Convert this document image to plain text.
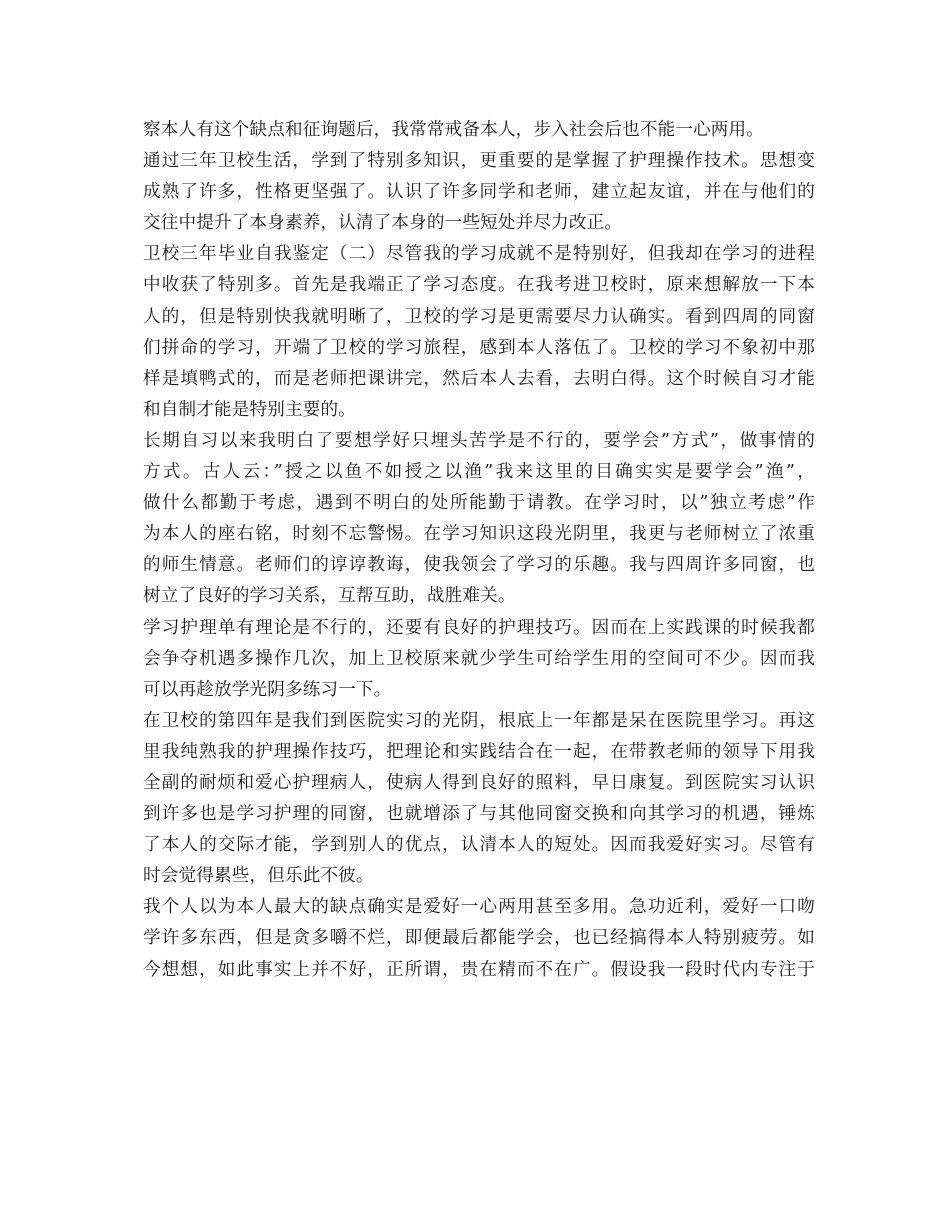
察本人有这个缺点和征询题后，我常常戒备本人，步入社会后也不能一心两用。
通过三年卫校生活，学到了特别多知识，更重要的是掌握了护理操作技术。思想变
成熟了许多，性格更坚强了。认识了许多同学和老师，建立起友谊，并在与他们的
交往中提升了本身素养，认清了本身的一些短处并尽力改正。
卫校三年毕业自我鉴定（二）尽管我的学习成就不是特别好，但我却在学习的进程
中收获了特别多。首先是我端正了学习态度。在我考进卫校时，原来想解放一下本
人的，但是特别快我就明晰了，卫校的学习是更需要尽力认确实。看到四周的同窗
们拼命的学习，开端了卫校的学习旅程，感到本人落伍了。卫校的学习不象初中那
样是填鸭式的，而是老师把课讲完，然后本人去看，去明白得。这个时候自习才能
和自制才能是特别主要的。
长期自习以来我明白了要想学好只埋头苦学是不行的，要学会”方式”，做事情的
方式。古人云：”授之以鱼不如授之以渔”我来这里的目确实实是要学会”渔”，
做什么都勤于考虑，遇到不明白的处所能勤于请教。在学习时，以”独立考虑”作
为本人的座右铭，时刻不忘警惕。在学习知识这段光阴里，我更与老师树立了浓重
的师生情意。老师们的谆谆教诲，使我领会了学习的乐趣。我与四周许多同窗，也
树立了良好的学习关系，互帮互助，战胜难关。
学习护理单有理论是不行的，还要有良好的护理技巧。因而在上实践课的时候我都
会争夺机遇多操作几次，加上卫校原来就少学生可给学生用的空间可不少。因而我
可以再趁放学光阴多练习一下。
在卫校的第四年是我们到医院实习的光阴，根底上一年都是呆在医院里学习。再这
里我纯熟我的护理操作技巧，把理论和实践结合在一起，在带教老师的领导下用我
全副的耐烦和爱心护理病人，使病人得到良好的照料，早日康复。到医院实习认识
到许多也是学习护理的同窗，也就增添了与其他同窗交换和向其学习的机遇，锤炼
了本人的交际才能，学到别人的优点，认清本人的短处。因而我爱好实习。尽管有
时会觉得累些，但乐此不彼。
我个人以为本人最大的缺点确实是爱好一心两用甚至多用。急功近利，爱好一口吻
学许多东西，但是贪多嚼不烂，即便最后都能学会，也已经搞得本人特别疲劳。如
今想想，如此事实上并不好，正所谓，贵在精而不在广。假设我一段时代内专注于
